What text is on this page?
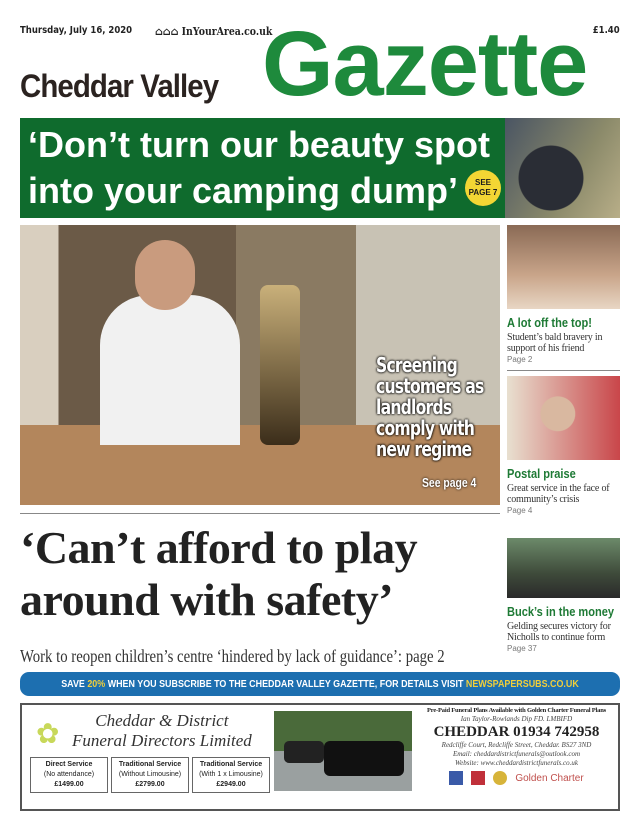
Thursday, July 16, 2020 ⌂⌂⌂ InYourArea.co.uk	£1.40
Cheddar Valley Gazette
‘Don’t turn our beauty spot
into your camping dump’	SEE
PAGE 7
Screening
customers as
landlords
comply with
new regime
See page 4
A lot off the top!
Student’s bald bravery in support of his friend
Page 2
Postal praise
Great service in the face of community’s crisis
Page 4
Buck’s in the money
Gelding secures victory for Nicholls to continue form
Page 37
‘Can’t afford to play
around with safety’
Work to reopen children’s centre ‘hindered by lack of guidance’: page 2
SAVE 20% WHEN YOU SUBSCRIBE TO THE CHEDDAR VALLEY GAZETTE, FOR DETAILS VISIT NEWSPAPERSUBS.CO.UK
✿	Cheddar & District
Funeral Directors Limited
Direct Service
(No attendance)
£1499.00
Traditional Service
(Without Limousine)
£2799.00
Traditional Service
(With 1 x Limousine)
£2949.00
Pre-Paid Funeral Plans Available with Golden Charter Funeral Plans
Ian Taylor-Rowlands Dip FD. LMBIFD
CHEDDAR 01934 742958
Redcliffe Court, Redcliffe Street, Cheddar. BS27 3ND
Email: cheddardistrictfunerals@outlook.com
Website: www.cheddardistrictfunerals.co.uk
Golden Charter
